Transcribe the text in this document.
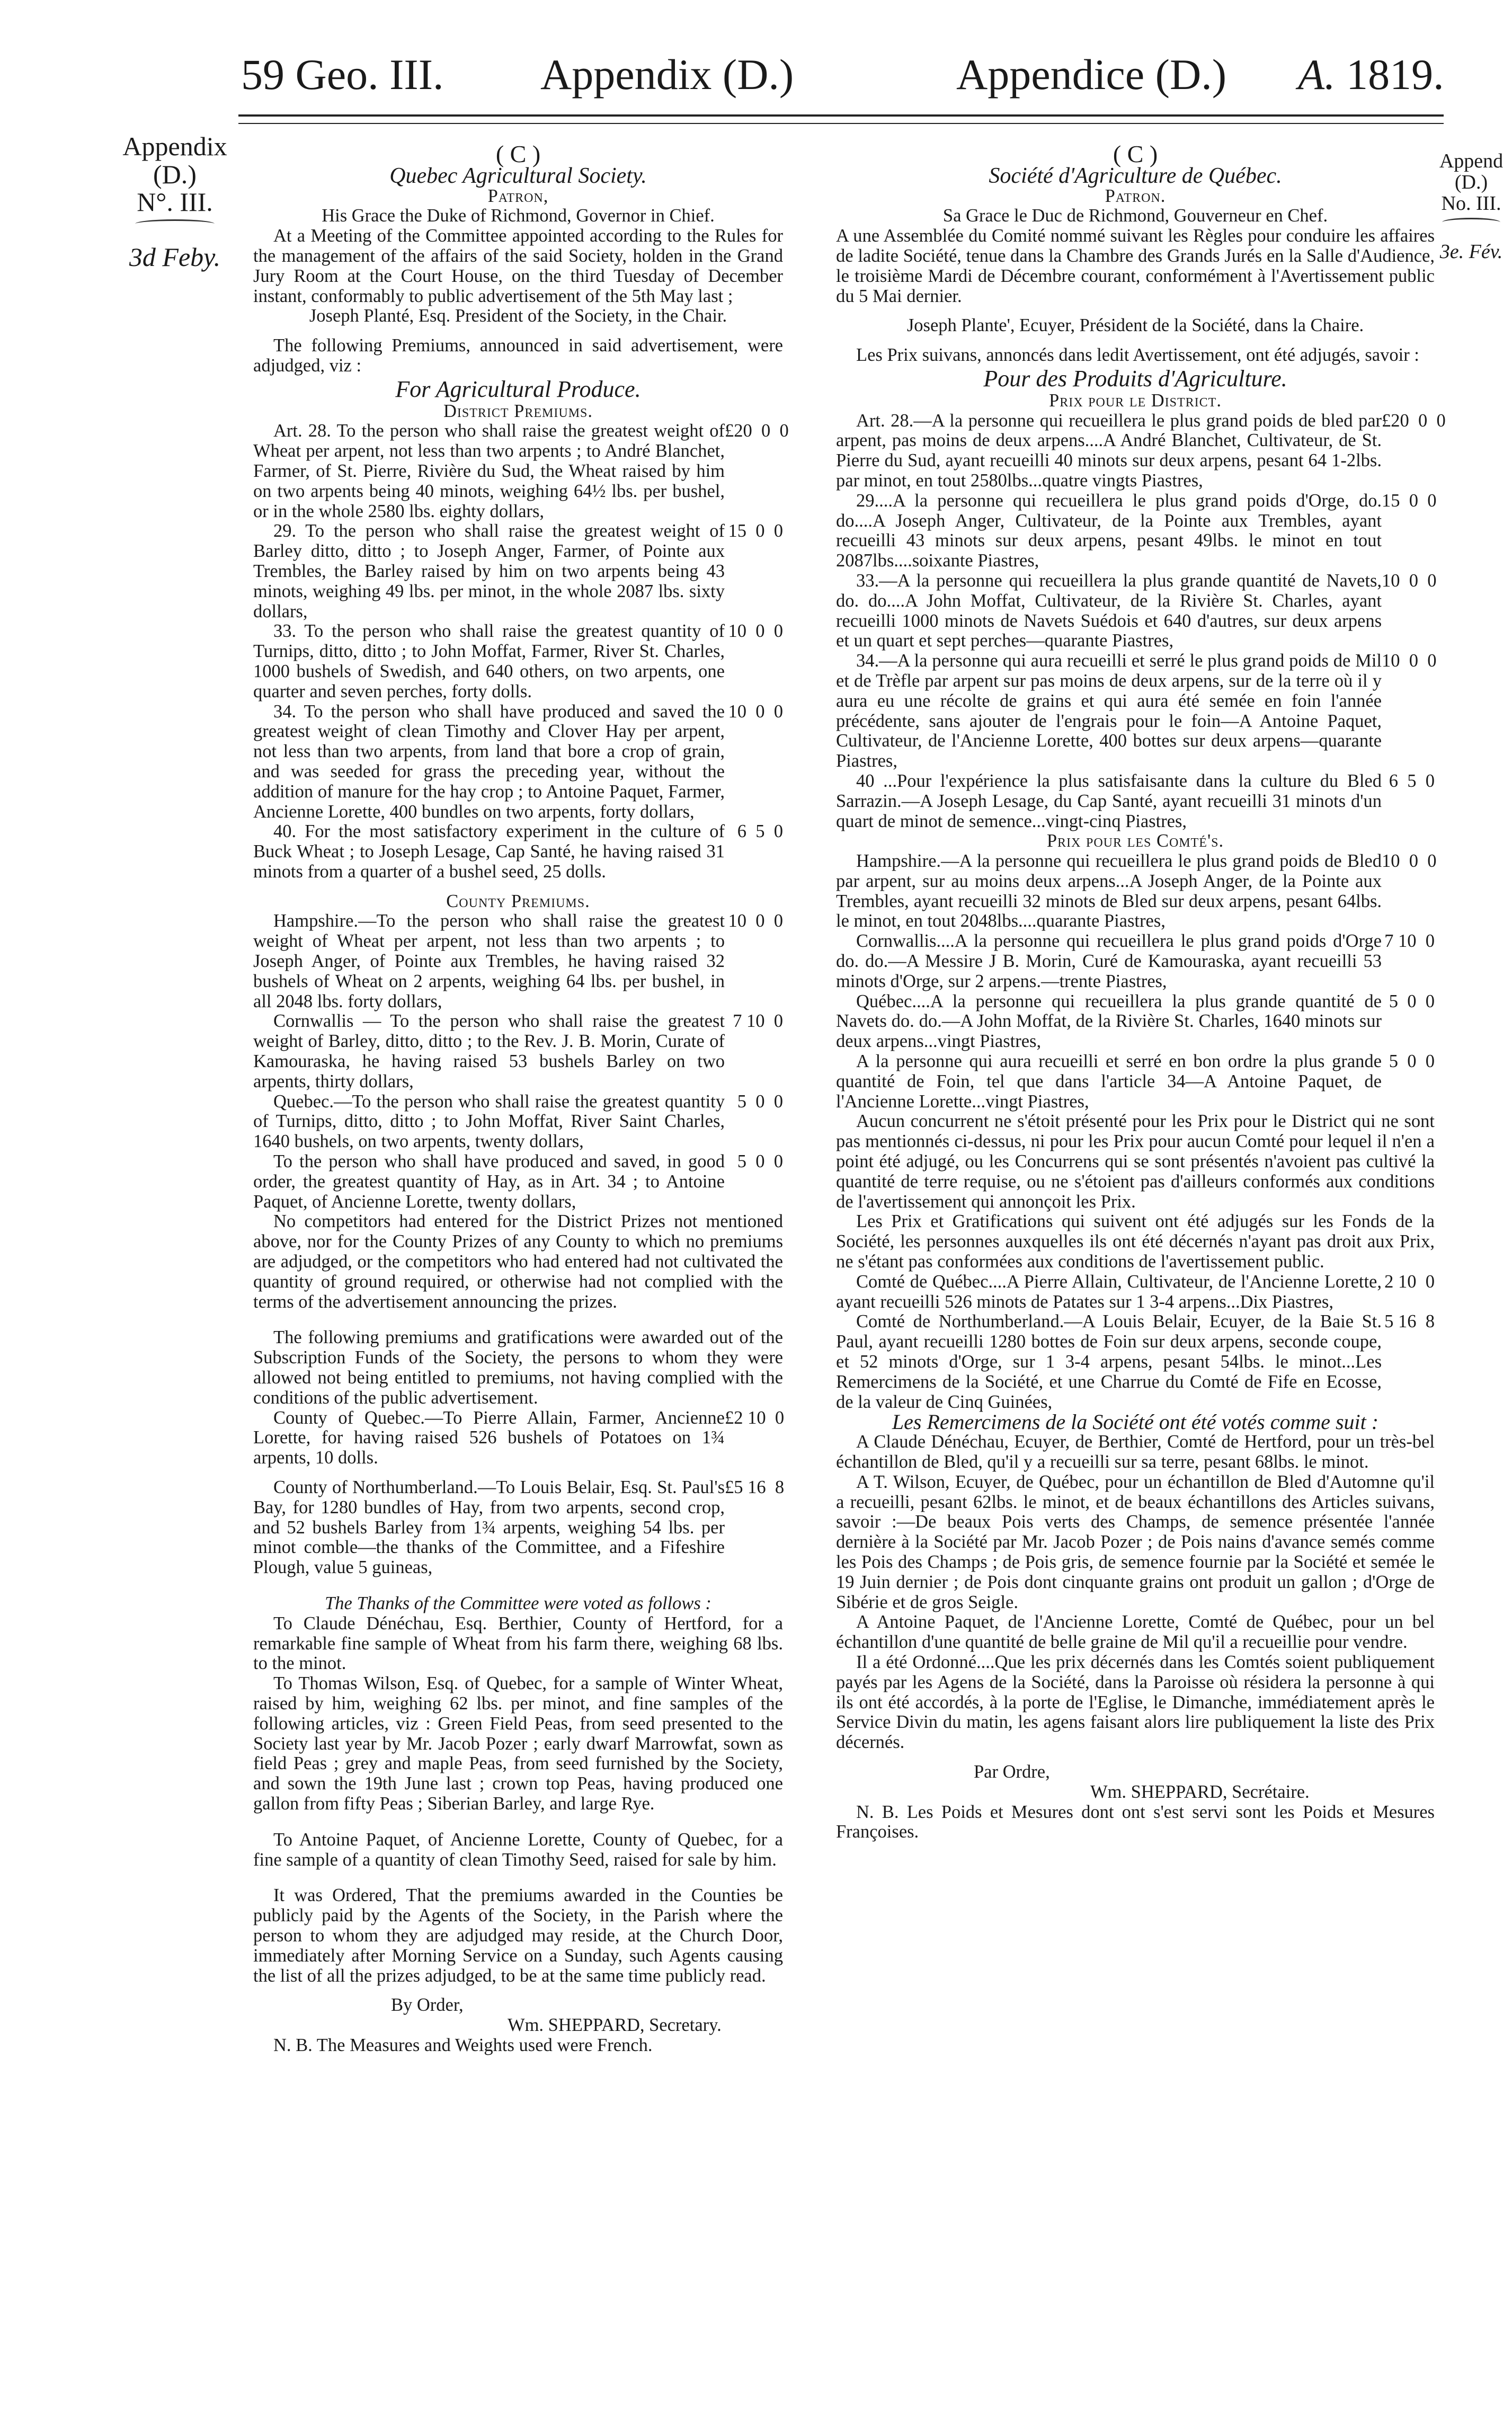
59 Geo. III. Appendix (D.)	Appendice (D.) A. 1819.
Appendix
(D.)
N°. III.
3d Feby.
Append
(D.)
No. III.
3e. Fév.

( C )

Quebec Agricultural Society.

Patron,

His Grace the Duke of Richmond, Governor in Chief.

At a Meeting of the Committee appointed according to the Rules for the management of the affairs of the said Society, holden in the Grand Jury Room at the Court House, on the third Tuesday of December instant, conformably to public advertisement of the 5th May last ;

Joseph Planté, Esq. President of the Society, in the Chair.

The following Premiums, announced in said advertisement, were adjudged, viz :

For Agricultural Produce.

District Premiums.

Art. 28. To the person who shall raise the greatest weight of Wheat per arpent, not less than two arpents ; to André Blanchet, Farmer, of St. Pierre, Rivière du Sud, the Wheat raised by him on two arpents being 40 minots, weighing 64½ lbs. per bushel, or in the whole 2580 lbs. eighty dollars,

£20  0  0

29. To the person who shall raise the greatest weight of Barley ditto, ditto ; to Joseph Anger, Farmer, of Pointe aux Trembles, the Barley raised by him on two arpents being 43 minots, weighing 49 lbs. per minot, in the whole 2087 lbs. sixty dollars,

15  0  0

33. To the person who shall raise the greatest quantity of Turnips, ditto, ditto ; to John Moffat, Farmer, River St. Charles, 1000 bushels of Swedish, and 640 others, on two arpents, one quarter and seven perches, forty dolls.

10  0  0

34. To the person who shall have produced and saved the greatest weight of clean Timothy and Clover Hay per arpent, not less than two arpents, from land that bore a crop of grain, and was seeded for grass the preceding year, without the addition of manure for the hay crop ; to Antoine Paquet, Farmer, Ancienne Lorette, 400 bundles on two arpents, forty dollars,

10  0  0

40. For the most satisfactory experiment in the culture of Buck Wheat ; to Joseph Lesage, Cap Santé, he having raised 31 minots from a quarter of a bushel seed, 25 dolls.

6  5  0

County Premiums.

Hampshire.—To the person who shall raise the greatest weight of Wheat per arpent, not less than two arpents ; to Joseph Anger, of Pointe aux Trembles, he having raised 32 bushels of Wheat on 2 arpents, weighing 64 lbs. per bushel, in all 2048 lbs. forty dollars,

10  0  0

Cornwallis — To the person who shall raise the greatest weight of Barley, ditto, ditto ; to the Rev. J. B. Morin, Curate of Kamouraska, he having raised 53 bushels Barley on two arpents, thirty dollars,

7 10  0

Quebec.—To the person who shall raise the greatest quantity of Turnips, ditto, ditto ; to John Moffat, River Saint Charles, 1640 bushels, on two arpents, twenty dollars,

5  0  0

To the person who shall have produced and saved, in good order, the greatest quantity of Hay, as in Art. 34 ; to Antoine Paquet, of Ancienne Lorette, twenty dollars,

5  0  0

No competitors had entered for the District Prizes not mentioned above, nor for the County Prizes of any County to which no premiums are adjudged, or the competitors who had entered had not cultivated the quantity of ground required, or otherwise had not complied with the terms of the advertisement announcing the prizes.

The following premiums and gratifications were awarded out of the Subscription Funds of the Society, the persons to whom they were allowed not being entitled to premiums, not having complied with the conditions of the public advertisement.

County of Quebec.—To Pierre Allain, Farmer, Ancienne Lorette, for having raised 526 bushels of Potatoes on 1¾ arpents, 10 dolls.

£2 10  0

County of Northumberland.—To Louis Belair, Esq. St. Paul's Bay, for 1280 bundles of Hay, from two arpents, second crop, and 52 bushels Barley from 1¾ arpents, weighing 54 lbs. per minot comble—the thanks of the Committee, and a Fifeshire Plough, value 5 guineas,

£5 16  8

The Thanks of the Committee were voted as follows :

To Claude Dénéchau, Esq. Berthier, County of Hertford, for a remarkable fine sample of Wheat from his farm there, weighing 68 lbs. to the minot.

To Thomas Wilson, Esq. of Quebec, for a sample of Winter Wheat, raised by him, weighing 62 lbs. per minot, and fine samples of the following articles, viz : Green Field Peas, from seed presented to the Society last year by Mr. Jacob Pozer ; early dwarf Marrowfat, sown as field Peas ; grey and maple Peas, from seed furnished by the Society, and sown the 19th June last ; crown top Peas, having produced one gallon from fifty Peas ; Siberian Barley, and large Rye.

To Antoine Paquet, of Ancienne Lorette, County of Quebec, for a fine sample of a quantity of clean Timothy Seed, raised for sale by him.

It was Ordered, That the premiums awarded in the Counties be publicly paid by the Agents of the Society, in the Parish where the person to whom they are adjudged may reside, at the Church Door, immediately after Morning Service on a Sunday, such Agents causing the list of all the prizes adjudged, to be at the same time publicly read.

By Order,

Wm. SHEPPARD, Secretary.

N. B. The Measures and Weights used were French.

( C )

Société d'Agriculture de Québec.

Patron.

Sa Grace le Duc de Richmond, Gouverneur en Chef.

A une Assemblée du Comité nommé suivant les Règles pour conduire les affaires de ladite Société, tenue dans la Chambre des Grands Jurés en la Salle d'Audience, le troisième Mardi de Décembre courant, conformément à l'Avertissement public du 5 Mai dernier.

Joseph Plante', Ecuyer, Président de la Société, dans la Chaire.

Les Prix suivans, annoncés dans ledit Avertissement, ont été adjugés, savoir :

Pour des Produits d'Agriculture.

Prix pour le District.

Art. 28.—A la personne qui recueillera le plus grand poids de bled par arpent, pas moins de deux arpens....A André Blanchet, Cultivateur, de St. Pierre du Sud, ayant recueilli 40 minots sur deux arpens, pesant 64 1-2lbs. par minot, en tout 2580lbs...quatre vingts Piastres,

£20  0  0

29....A la personne qui recueillera le plus grand poids d'Orge, do. do....A Joseph Anger, Cultivateur, de la Pointe aux Trembles, ayant recueilli 43 minots sur deux arpens, pesant 49lbs. le minot en tout 2087lbs....soixante Piastres,

15  0  0

33.—A la personne qui recueillera la plus grande quantité de Navets, do. do....A John Moffat, Cultivateur, de la Rivière St. Charles, ayant recueilli 1000 minots de Navets Suédois et 640 d'autres, sur deux arpens et un quart et sept perches—quarante Piastres,

10  0  0

34.—A la personne qui aura recueilli et serré le plus grand poids de Mil et de Trèfle par arpent sur pas moins de deux arpens, sur de la terre où il y aura eu une récolte de grains et qui aura été semée en foin l'année précédente, sans ajouter de l'engrais pour le foin—A Antoine Paquet, Cultivateur, de l'Ancienne Lorette, 400 bottes sur deux arpens—quarante Piastres,

10  0  0

40 ...Pour l'expérience la plus satisfaisante dans la culture du Bled Sarrazin.—A Joseph Lesage, du Cap Santé, ayant recueilli 31 minots d'un quart de minot de semence...vingt-cinq Piastres,

6  5  0

Prix pour les Comté's.

Hampshire.—A la personne qui recueillera le plus grand poids de Bled par arpent, sur au moins deux arpens...A Joseph Anger, de la Pointe aux Trembles, ayant recueilli 32 minots de Bled sur deux arpens, pesant 64lbs. le minot, en tout 2048lbs....quarante Piastres,

10  0  0

Cornwallis....A la personne qui recueillera le plus grand poids d'Orge do. do.—A Messire J B. Morin, Curé de Kamouraska, ayant recueilli 53 minots d'Orge, sur 2 arpens.—trente Piastres,

7 10  0

Québec....A la personne qui recueillera la plus grande quantité de Navets do. do.—A John Moffat, de la Rivière St. Charles, 1640 minots sur deux arpens...vingt Piastres,

5  0  0

A la personne qui aura recueilli et serré en bon ordre la plus grande quantité de Foin, tel que dans l'article 34—A Antoine Paquet, de l'Ancienne Lorette...vingt Piastres,

5  0  0

Aucun concurrent ne s'étoit présenté pour les Prix pour le District qui ne sont pas mentionnés ci-dessus, ni pour les Prix pour aucun Comté pour lequel il n'en a point été adjugé, ou les Concurrens qui se sont présentés n'avoient pas cultivé la quantité de terre requise, ou ne s'étoient pas d'ailleurs conformés aux conditions de l'avertissement qui annonçoit les Prix.

Les Prix et Gratifications qui suivent ont été adjugés sur les Fonds de la Société, les personnes auxquelles ils ont été décernés n'ayant pas droit aux Prix, ne s'étant pas conformées aux conditions de l'avertissement public.

Comté de Québec....A Pierre Allain, Cultivateur, de l'Ancienne Lorette, ayant recueilli 526 minots de Patates sur 1 3-4 arpens...Dix Piastres,

2 10  0

Comté de Northumberland.—A Louis Belair, Ecuyer, de la Baie St. Paul, ayant recueilli 1280 bottes de Foin sur deux arpens, seconde coupe, et 52 minots d'Orge, sur 1 3-4 arpens, pesant 54lbs. le minot...Les Remercimens de la Société, et une Charrue du Comté de Fife en Ecosse, de la valeur de Cinq Guinées,

5 16  8

Les Remercimens de la Société ont été votés comme suit :

A Claude Dénéchau, Ecuyer, de Berthier, Comté de Hertford, pour un très-bel échantillon de Bled, qu'il y a recueilli sur sa terre, pesant 68lbs. le minot.

A T. Wilson, Ecuyer, de Québec, pour un échantillon de Bled d'Automne qu'il a recueilli, pesant 62lbs. le minot, et de beaux échantillons des Articles suivans, savoir :—De beaux Pois verts des Champs, de semence présentée l'année dernière à la Société par Mr. Jacob Pozer ; de Pois nains d'avance semés comme les Pois des Champs ; de Pois gris, de semence fournie par la Société et semée le 19 Juin dernier ; de Pois dont cinquante grains ont produit un gallon ; d'Orge de Sibérie et de gros Seigle.

A Antoine Paquet, de l'Ancienne Lorette, Comté de Québec, pour un bel échantillon d'une quantité de belle graine de Mil qu'il a recueillie pour vendre.

Il a été Ordonné....Que les prix décernés dans les Comtés soient publiquement payés par les Agens de la Société, dans la Paroisse où résidera la personne à qui ils ont été accordés, à la porte de l'Eglise, le Dimanche, immédiatement après le Service Divin du matin, les agens faisant alors lire publiquement la liste des Prix décernés.

Par Ordre,

Wm. SHEPPARD, Secrétaire.

N. B. Les Poids et Mesures dont ont s'est servi sont les Poids et Mesures Françoises.
